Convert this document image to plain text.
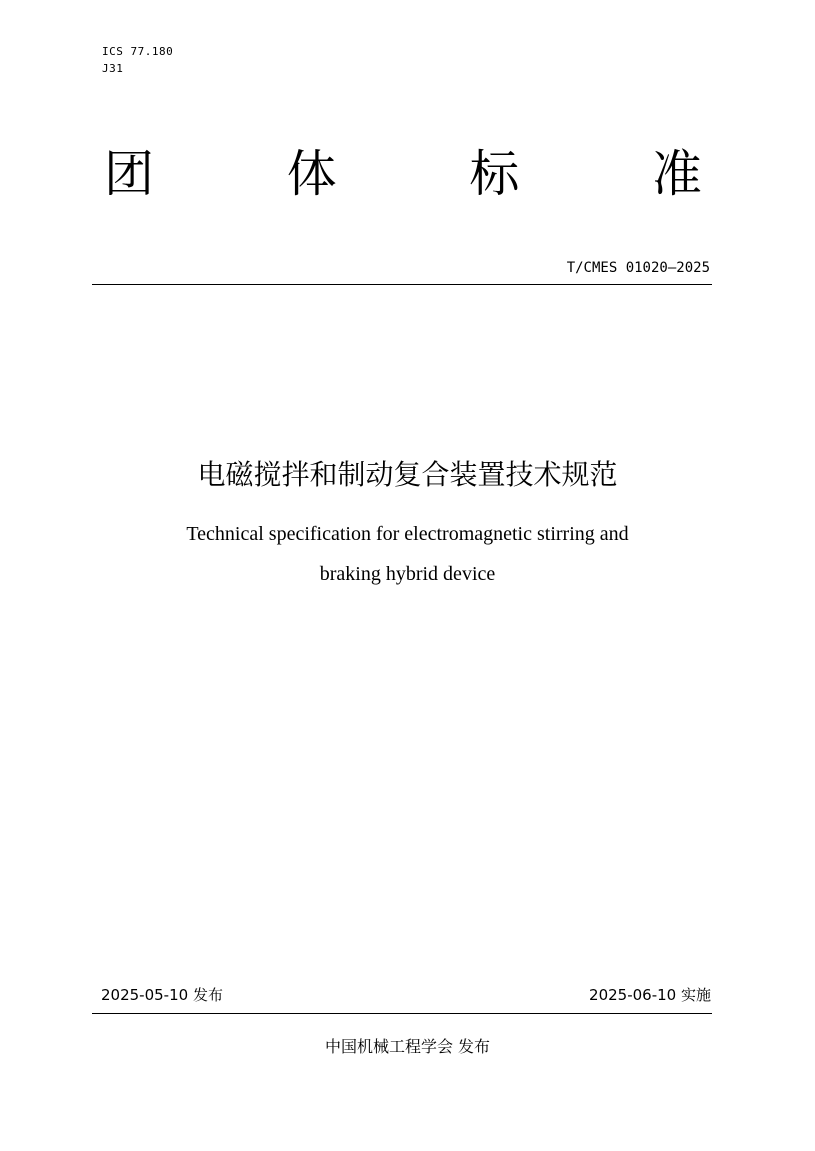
ICS 77.180
J31
团	体	标	准
T/CMES 01020—2025
电磁搅拌和制动复合装置技术规范
Technical specification for electromagnetic stirring and
braking hybrid device
2025-05-10 发布	2025-06-10 实施
中国机械工程学会 发布
